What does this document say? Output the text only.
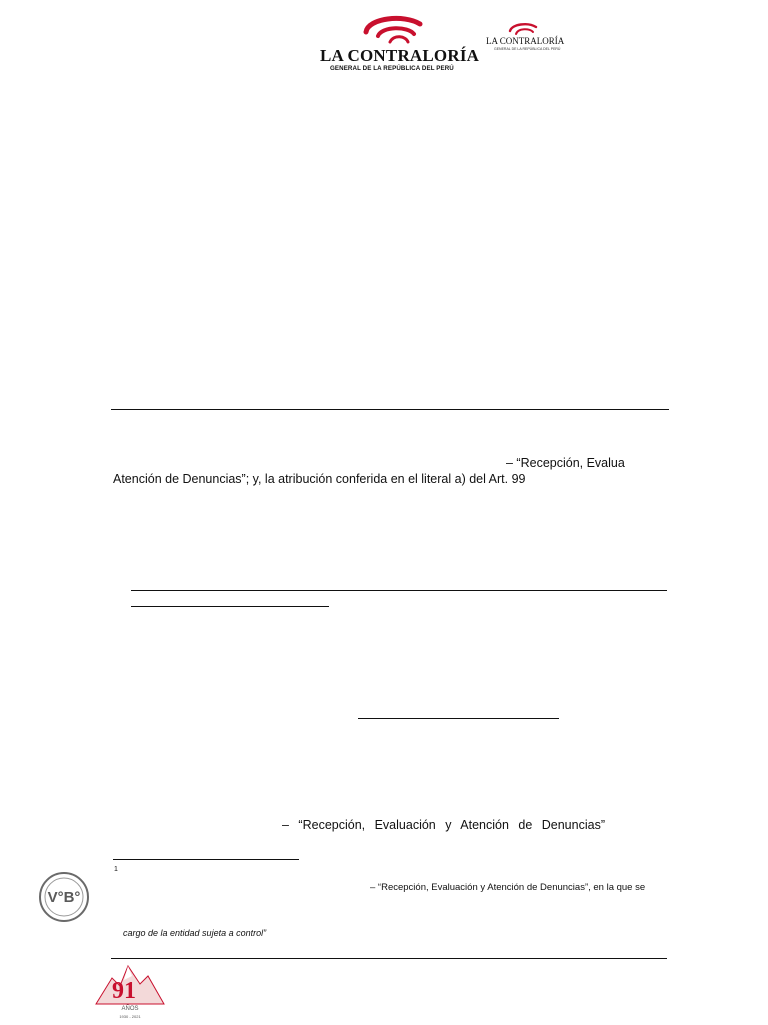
LA CONTRALORÍA
GENERAL DE LA REPÚBLICA DEL PERÚ
LA CONTRALORÍA
GENERAL DE LA REPÚBLICA DEL PERÚ
– “Recepción, Evalua
Atención de Denuncias”; y, la atribución conferida en el literal a) del Art. 99
– “Recepción, Evaluación y Atención de Denuncias”
1
– “Recepción, Evaluación y Atención de Denuncias”, en la que se
cargo de la entidad sujeta a control”
V°B°
91
AÑOS
1930 - 2021
